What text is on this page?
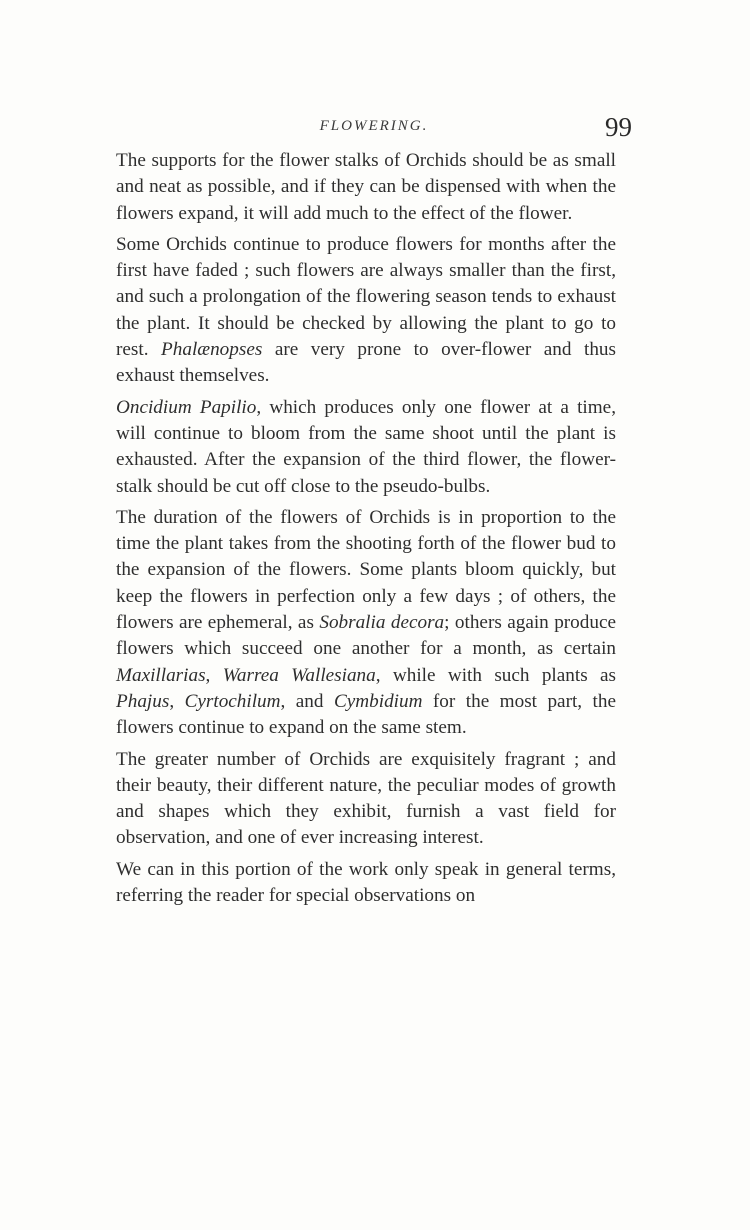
FLOWERING.	99

The supports for the flower stalks of Orchids should be as small and neat as possible, and if they can be dispensed with when the flowers expand, it will add much to the effect of the flower.

Some Orchids continue to produce flowers for months after the first have faded ; such flowers are always smaller than the first, and such a prolongation of the flowering season tends to exhaust the plant. It should be checked by allowing the plant to go to rest. Phalænopses are very prone to over-flower and thus exhaust themselves.

Oncidium Papilio, which produces only one flower at a time, will continue to bloom from the same shoot until the plant is exhausted. After the expansion of the third flower, the flower-stalk should be cut off close to the pseudo-bulbs.

The duration of the flowers of Orchids is in proportion to the time the plant takes from the shooting forth of the flower bud to the expansion of the flowers. Some plants bloom quickly, but keep the flowers in perfection only a few days ; of others, the flowers are ephemeral, as Sobralia decora; others again produce flowers which succeed one another for a month, as certain Maxillarias, Warrea Wallesiana, while with such plants as Phajus, Cyrtochilum, and Cymbidium for the most part, the flowers continue to expand on the same stem.

The greater number of Orchids are exquisitely fragrant ; and their beauty, their different nature, the peculiar modes of growth and shapes which they exhibit, furnish a vast field for observation, and one of ever increasing interest.

We can in this portion of the work only speak in general terms, referring the reader for special observations on
